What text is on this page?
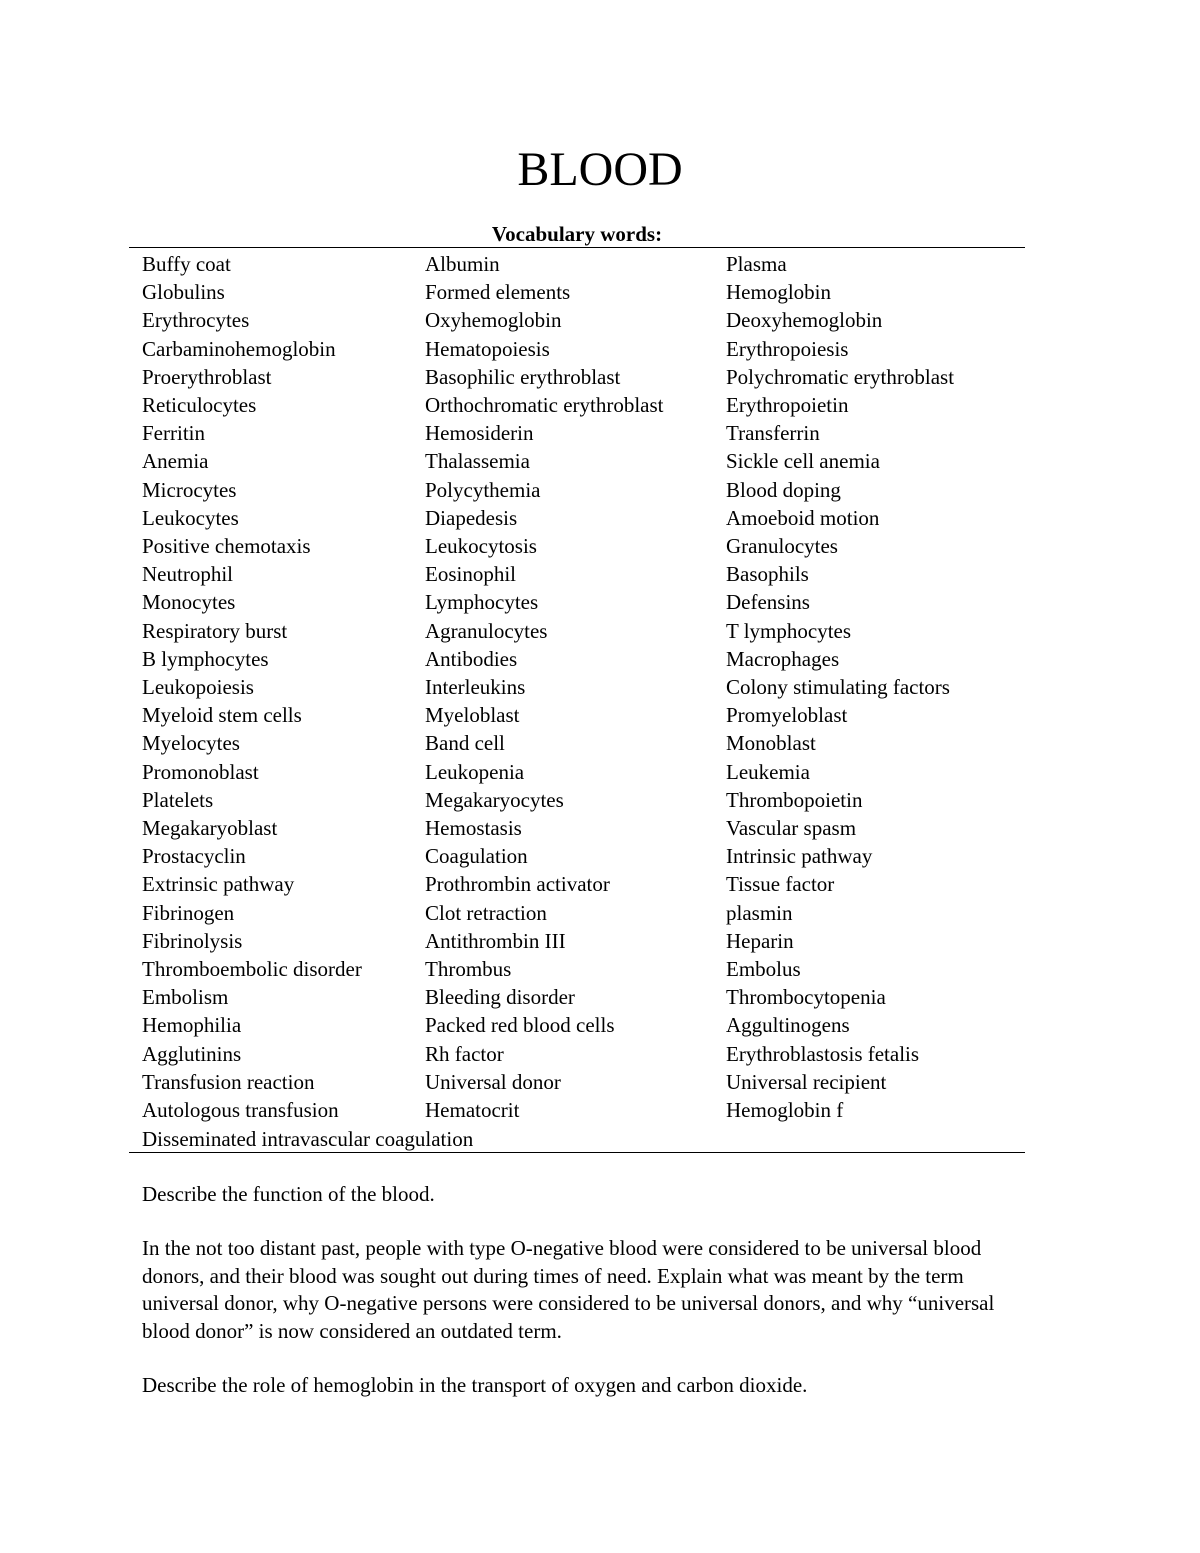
BLOOD
Vocabulary words:
Buffy coat	Albumin	Plasma
Globulins	Formed elements	Hemoglobin
Erythrocytes	Oxyhemoglobin	Deoxyhemoglobin
Carbaminohemoglobin	Hematopoiesis	Erythropoiesis
Proerythroblast	Basophilic erythroblast	Polychromatic erythroblast
Reticulocytes	Orthochromatic erythroblast	Erythropoietin
Ferritin	Hemosiderin	Transferrin
Anemia	Thalassemia	Sickle cell anemia
Microcytes	Polycythemia	Blood doping
Leukocytes	Diapedesis	Amoeboid motion
Positive chemotaxis	Leukocytosis	Granulocytes
Neutrophil	Eosinophil	Basophils
Monocytes	Lymphocytes	Defensins
Respiratory burst	Agranulocytes	T lymphocytes
B lymphocytes	Antibodies	Macrophages
Leukopoiesis	Interleukins	Colony stimulating factors
Myeloid stem cells	Myeloblast	Promyeloblast
Myelocytes	Band cell	Monoblast
Promonoblast	Leukopenia	Leukemia
Platelets	Megakaryocytes	Thrombopoietin
Megakaryoblast	Hemostasis	Vascular spasm
Prostacyclin	Coagulation	Intrinsic pathway
Extrinsic pathway	Prothrombin activator	Tissue factor
Fibrinogen	Clot retraction	plasmin
Fibrinolysis	Antithrombin III	Heparin
Thromboembolic disorder	Thrombus	Embolus
Embolism	Bleeding disorder	Thrombocytopenia
Hemophilia	Packed red blood cells	Aggultinogens
Agglutinins	Rh factor	Erythroblastosis fetalis
Transfusion reaction	Universal donor	Universal recipient
Autologous transfusion	Hematocrit	Hemoglobin f
Disseminated intravascular coagulation

Describe the function of the blood.

In the not too distant past, people with type O-negative blood were considered to be universal blood donors, and their blood was sought out during times of need. Explain what was meant by the term universal donor, why O-negative persons were considered to be universal donors, and why “universal blood donor” is now considered an outdated term.

Describe the role of hemoglobin in the transport of oxygen and carbon dioxide.
